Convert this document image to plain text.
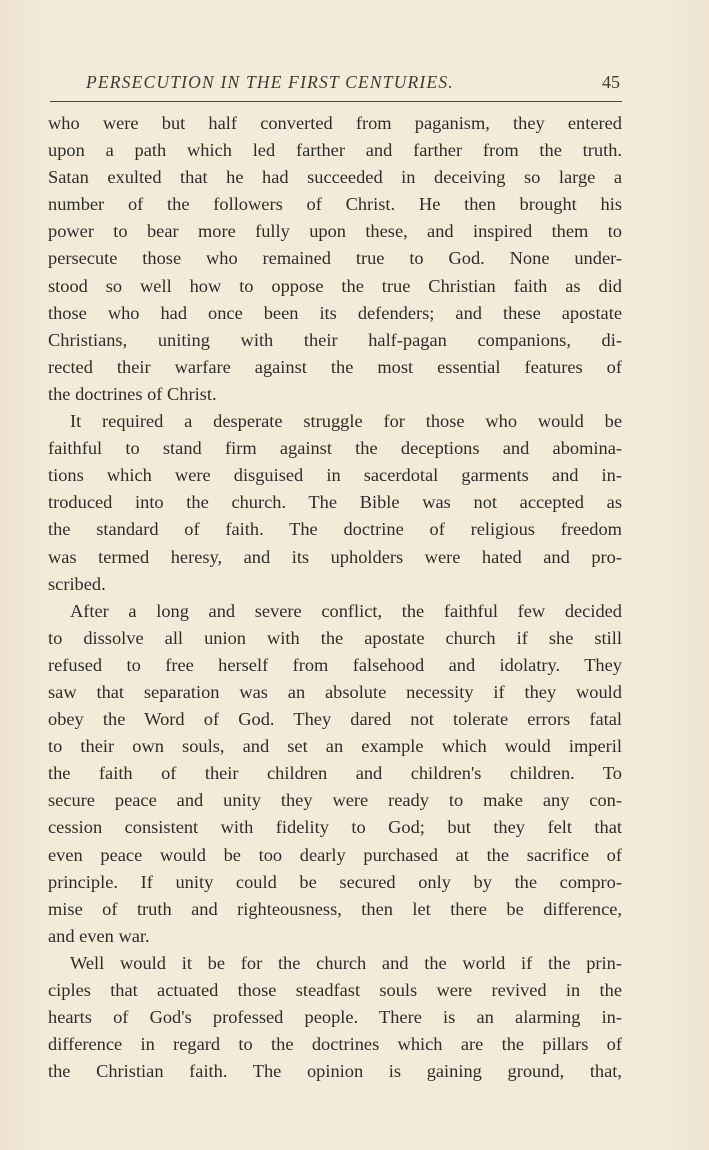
PERSECUTION IN THE FIRST CENTURIES.	45

who were but half converted from paganism, they entered
upon a path which led farther and farther from the truth.
Satan exulted that he had succeeded in deceiving so large a
number of the followers of Christ. He then brought his
power to bear more fully upon these, and inspired them to
persecute those who remained true to God. None under-
stood so well how to oppose the true Christian faith as did
those who had once been its defenders; and these apostate
Christians, uniting with their half-pagan companions, di-
rected their warfare against the most essential features of
the doctrines of Christ.

It required a desperate struggle for those who would be
faithful to stand firm against the deceptions and abomina-
tions which were disguised in sacerdotal garments and in-
troduced into the church. The Bible was not accepted as
the standard of faith. The doctrine of religious freedom
was termed heresy, and its upholders were hated and pro-
scribed.

After a long and severe conflict, the faithful few decided
to dissolve all union with the apostate church if she still
refused to free herself from falsehood and idolatry. They
saw that separation was an absolute necessity if they would
obey the Word of God. They dared not tolerate errors fatal
to their own souls, and set an example which would imperil
the faith of their children and children's children. To
secure peace and unity they were ready to make any con-
cession consistent with fidelity to God; but they felt that
even peace would be too dearly purchased at the sacrifice of
principle. If unity could be secured only by the compro-
mise of truth and righteousness, then let there be difference,
and even war.

Well would it be for the church and the world if the prin-
ciples that actuated those steadfast souls were revived in the
hearts of God's professed people. There is an alarming in-
difference in regard to the doctrines which are the pillars of
the Christian faith. The opinion is gaining ground, that,
